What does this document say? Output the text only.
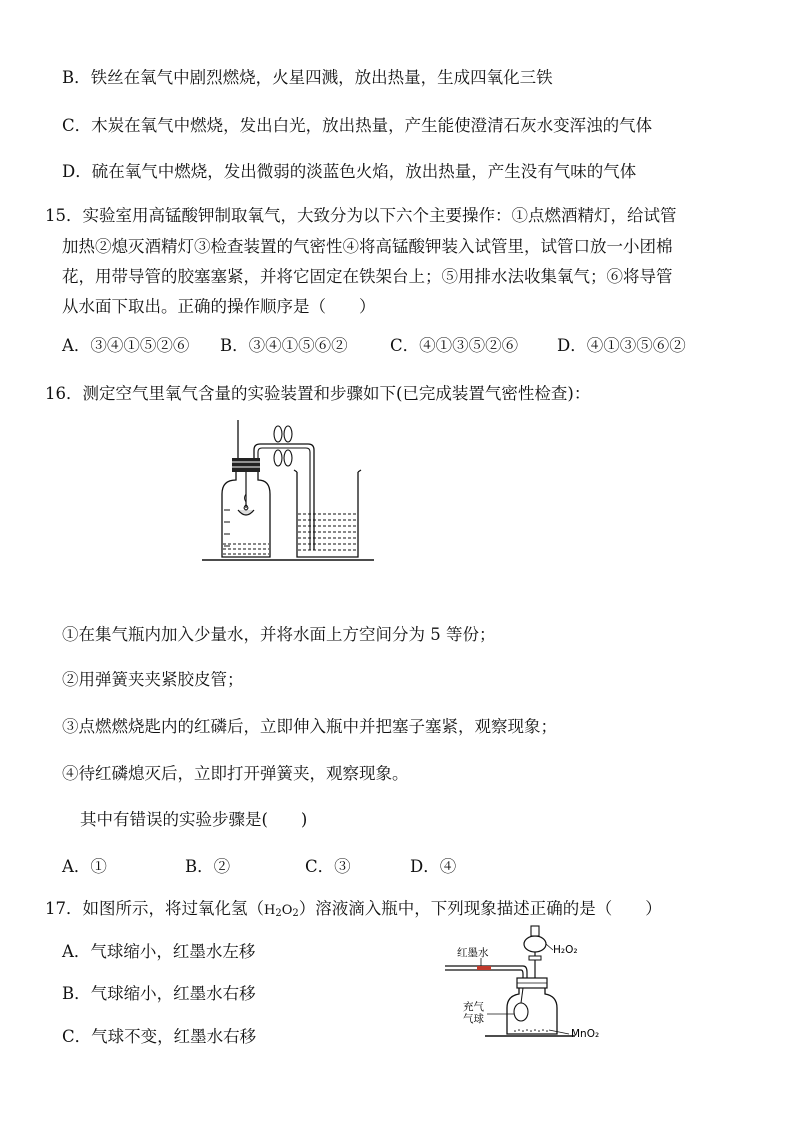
B．铁丝在氧气中剧烈燃烧，火星四溅，放出热量，生成四氧化三铁
C．木炭在氧气中燃烧，发出白光，放出热量，产生能使澄清石灰水变浑浊的气体
D．硫在氧气中燃烧，发出微弱的淡蓝色火焰，放出热量，产生没有气味的气体
15．实验室用高锰酸钾制取氧气，大致分为以下六个主要操作：①点燃酒精灯，给试管
加热②熄灭酒精灯③检查装置的气密性④将高锰酸钾装入试管里，试管口放一小团棉
花，用带导管的胶塞塞紧，并将它固定在铁架台上；⑤用排水法收集氧气；⑥将导管
从水面下取出。正确的操作顺序是（　　）
A．③④①⑤②⑥ B．③④①⑤⑥②	C．④①③⑤②⑥ D．④①③⑤⑥②
16．测定空气里氧气含量的实验装置和步骤如下(已完成装置气密性检查)：
①在集气瓶内加入少量水，并将水面上方空间分为 5 等份；
②用弹簧夹夹紧胶皮管；
③点燃燃烧匙内的红磷后，立即伸入瓶中并把塞子塞紧，观察现象；
④待红磷熄灭后，立即打开弹簧夹，观察现象。
其中有错误的实验步骤是(　　)
A．①	B．②	C．③	D．④
17．如图所示，将过氧化氢$(H_2O_2)$溶液滴入瓶中，下列现象描述正确的是（　　）
A．气球缩小，红墨水左移
B．气球缩小，红墨水右移
C．气球不变，红墨水右移
红墨水	H₂O₂
充气
气球
MnO₂
